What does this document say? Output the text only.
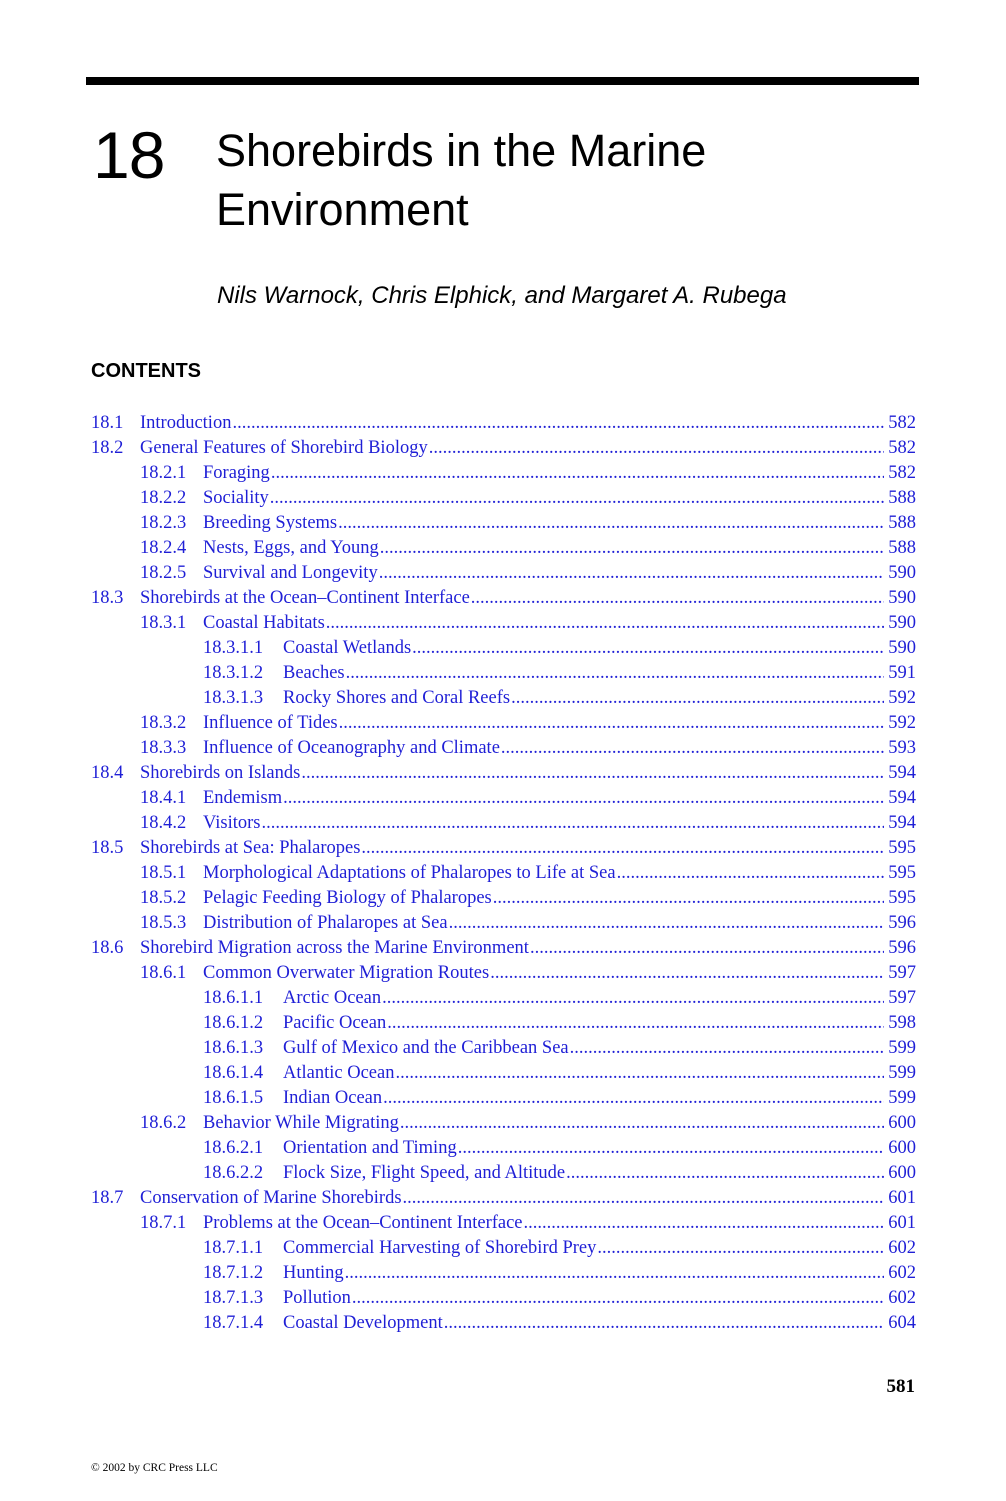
18 Shorebirds in the Marine
Environment
Nils Warnock, Chris Elphick, and Margaret A. Rubega
CONTENTS
18.1 Introduction .....	582
18.2 General Features of Shorebird Biology .....	582
18.2.1 Foraging .....	582
18.2.2 Sociality .....	588
18.2.3 Breeding Systems .....	588
18.2.4 Nests, Eggs, and Young .....	588
18.2.5 Survival and Longevity .....	590
18.3 Shorebirds at the Ocean–Continent Interface .....	590
18.3.1 Coastal Habitats .....	590
18.3.1.1	Coastal Wetlands .....	590
18.3.1.2	Beaches .....	591
18.3.1.3	Rocky Shores and Coral Reefs .....	592
18.3.2 Influence of Tides .....	592
18.3.3 Influence of Oceanography and Climate .....	593
18.4 Shorebirds on Islands .....	594
18.4.1 Endemism .....	594
18.4.2 Visitors .....	594
18.5 Shorebirds at Sea: Phalaropes .....	595
18.5.1 Morphological Adaptations of Phalaropes to Life at Sea .....	595
18.5.2 Pelagic Feeding Biology of Phalaropes .....	595
18.5.3 Distribution of Phalaropes at Sea .....	596
18.6 Shorebird Migration across the Marine Environment .....	596
18.6.1 Common Overwater Migration Routes .....	597
18.6.1.1	Arctic Ocean .....	597
18.6.1.2	Pacific Ocean .....	598
18.6.1.3	Gulf of Mexico and the Caribbean Sea .....	599
18.6.1.4	Atlantic Ocean .....	599
18.6.1.5	Indian Ocean .....	599
18.6.2 Behavior While Migrating .....	600
18.6.2.1	Orientation and Timing .....	600
18.6.2.2	Flock Size, Flight Speed, and Altitude .....	600
18.7 Conservation of Marine Shorebirds .....	601
18.7.1 Problems at the Ocean–Continent Interface .....	601
18.7.1.1	Commercial Harvesting of Shorebird Prey .....	602
18.7.1.2	Hunting .....	602
18.7.1.3	Pollution .....	602
18.7.1.4	Coastal Development .....	604
581
© 2002 by CRC Press LLC
